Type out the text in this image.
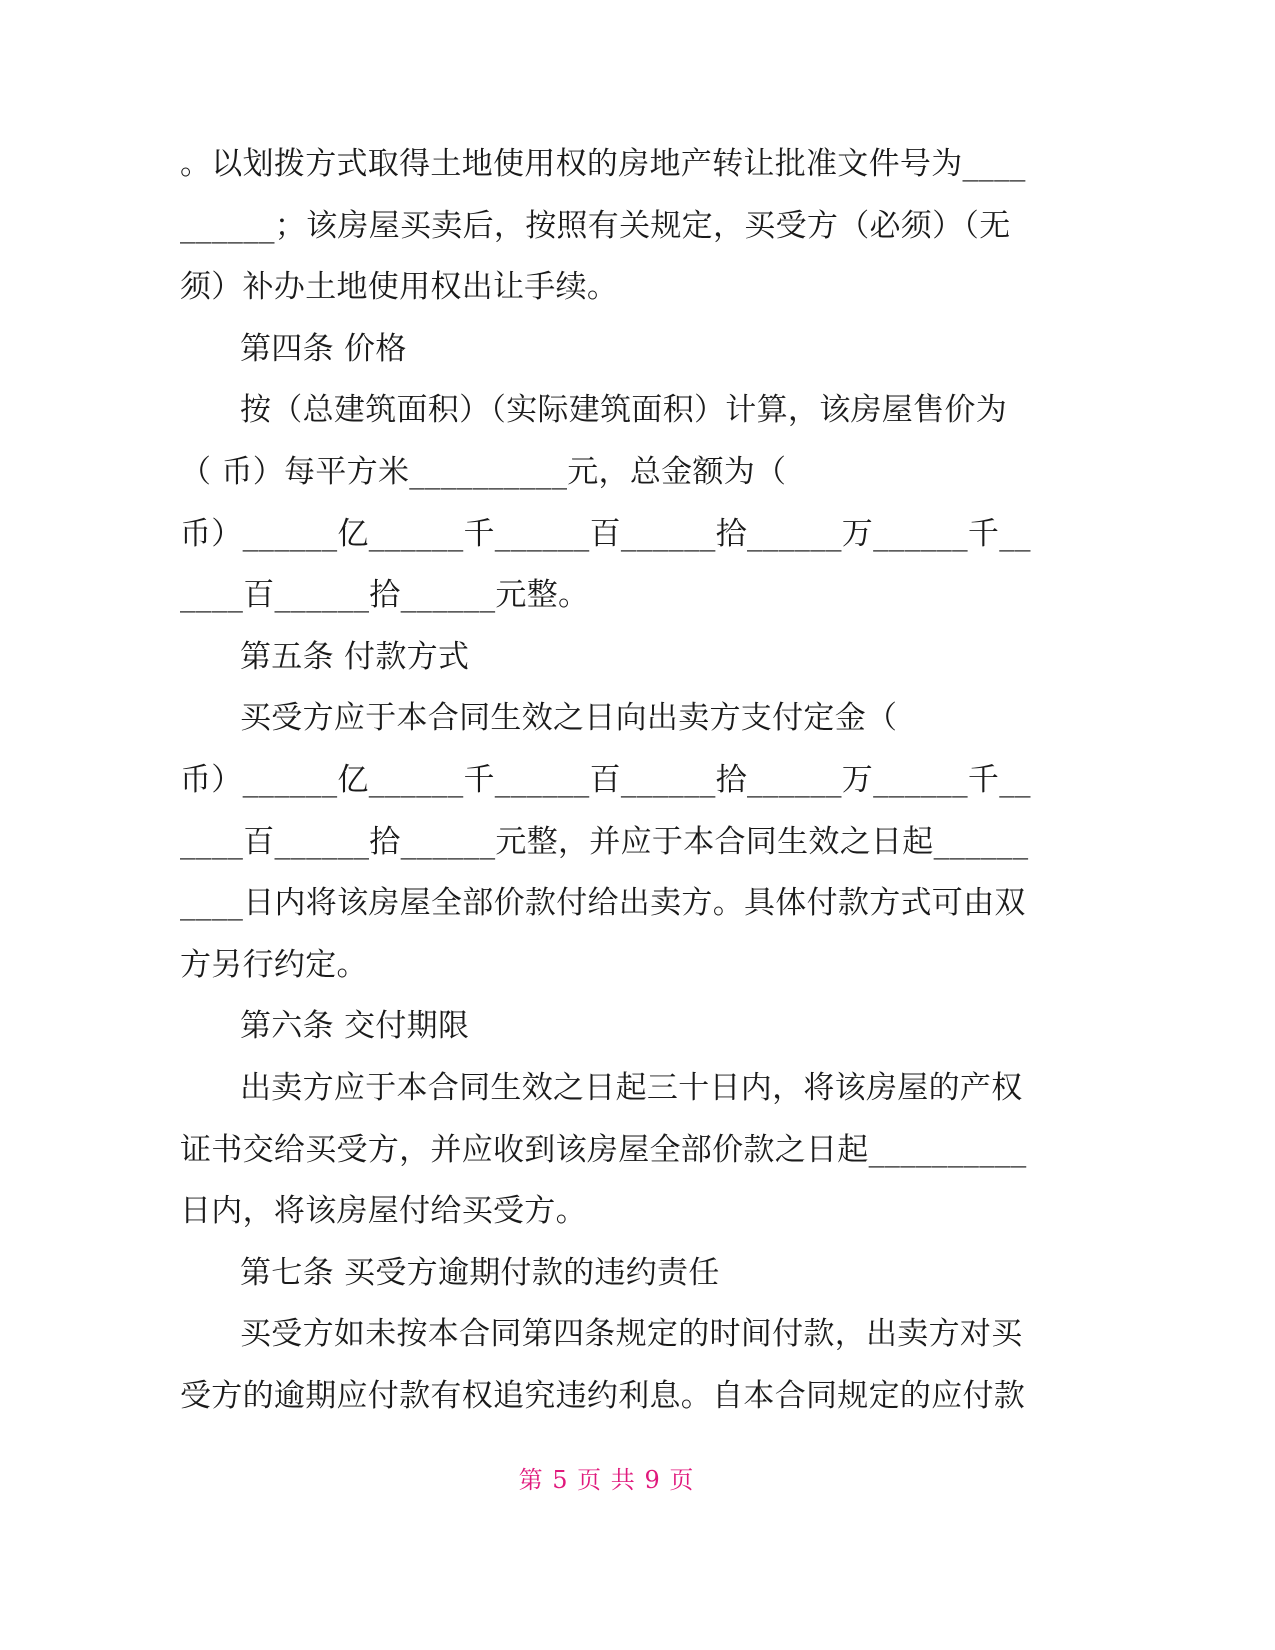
。以划拨方式取得土地使用权的房地产转让批准文件号为____
______；该房屋买卖后，按照有关规定，买受方（必须）（无
须）补办土地使用权出让手续。
第四条 价格
按（总建筑面积）（实际建筑面积）计算，该房屋售价为
（ 币）每平方米__________元，总金额为（
币）______亿______千______百______拾______万______千__
____百______拾______元整。
第五条 付款方式
买受方应于本合同生效之日向出卖方支付定金（
币）______亿______千______百______拾______万______千__
____百______拾______元整，并应于本合同生效之日起______
____日内将该房屋全部价款付给出卖方。具体付款方式可由双
方另行约定。
第六条 交付期限
出卖方应于本合同生效之日起三十日内，将该房屋的产权
证书交给买受方，并应收到该房屋全部价款之日起__________
日内，将该房屋付给买受方。
第七条 买受方逾期付款的违约责任
买受方如未按本合同第四条规定的时间付款，出卖方对买
受方的逾期应付款有权追究违约利息。自本合同规定的应付款
第 5 页 共 9 页
